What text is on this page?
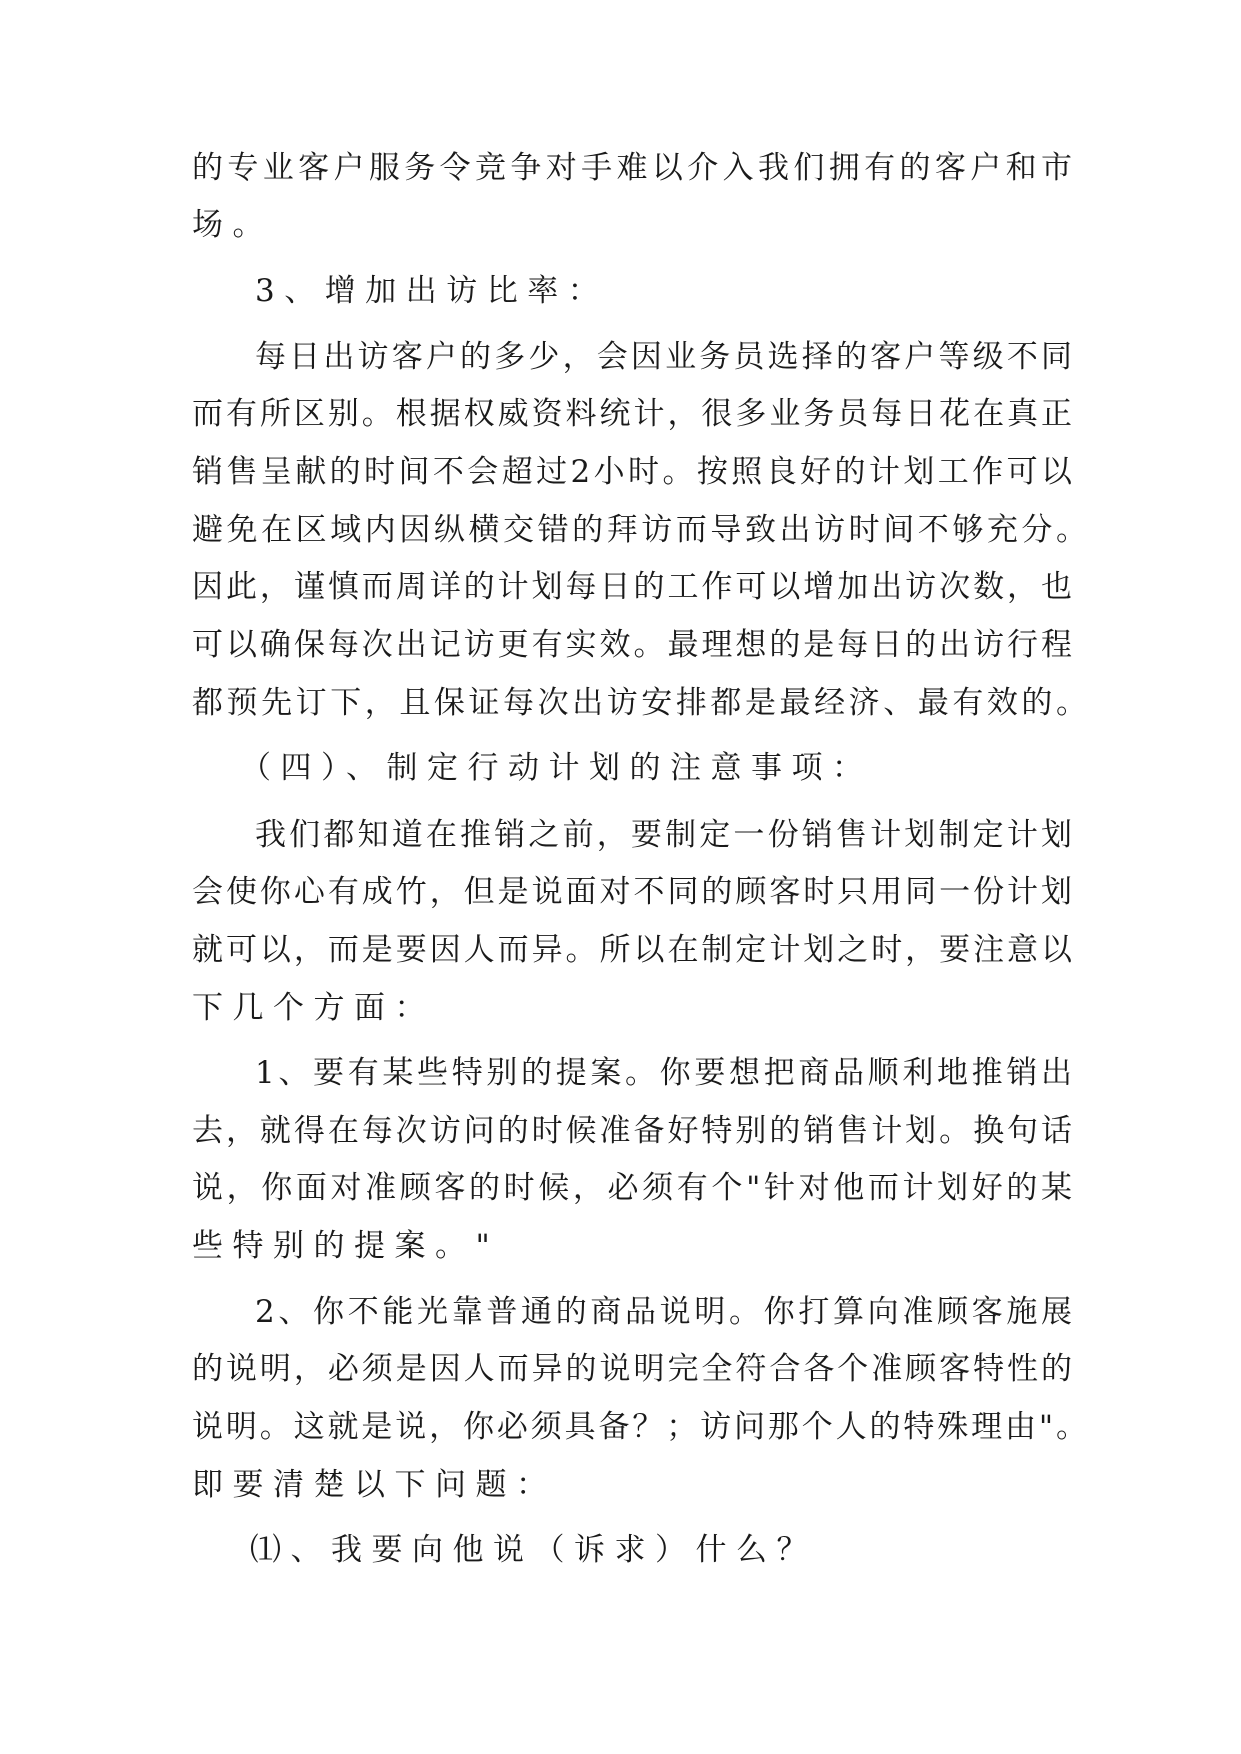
的专业客户服务令竞争对手难以介入我们拥有的客户和市
场。
3、增加出访比率：
每日出访客户的多少，会因业务员选择的客户等级不同
而有所区别。根据权威资料统计，很多业务员每日花在真正
销售呈献的时间不会超过2小时。按照良好的计划工作可以
避免在区域内因纵横交错的拜访而导致出访时间不够充分。
因此，谨慎而周详的计划每日的工作可以增加出访次数，也
可以确保每次出记访更有实效。最理想的是每日的出访行程
都预先订下，且保证每次出访安排都是最经济、最有效的。
（四）、制定行动计划的注意事项：
我们都知道在推销之前，要制定一份销售计划制定计划
会使你心有成竹，但是说面对不同的顾客时只用同一份计划
就可以，而是要因人而异。所以在制定计划之时，要注意以
下几个方面：
1、要有某些特别的提案。你要想把商品顺利地推销出
去，就得在每次访问的时候准备好特别的销售计划。换句话
说，你面对准顾客的时候，必须有个"针对他而计划好的某
些特别的提案。"
2、你不能光靠普通的商品说明。你打算向准顾客施展
的说明，必须是因人而异的说明完全符合各个准顾客特性的
说明。这就是说，你必须具备？；访问那个人的特殊理由"。
即要清楚以下问题：
⑴、我要向他说（诉求）什么？
